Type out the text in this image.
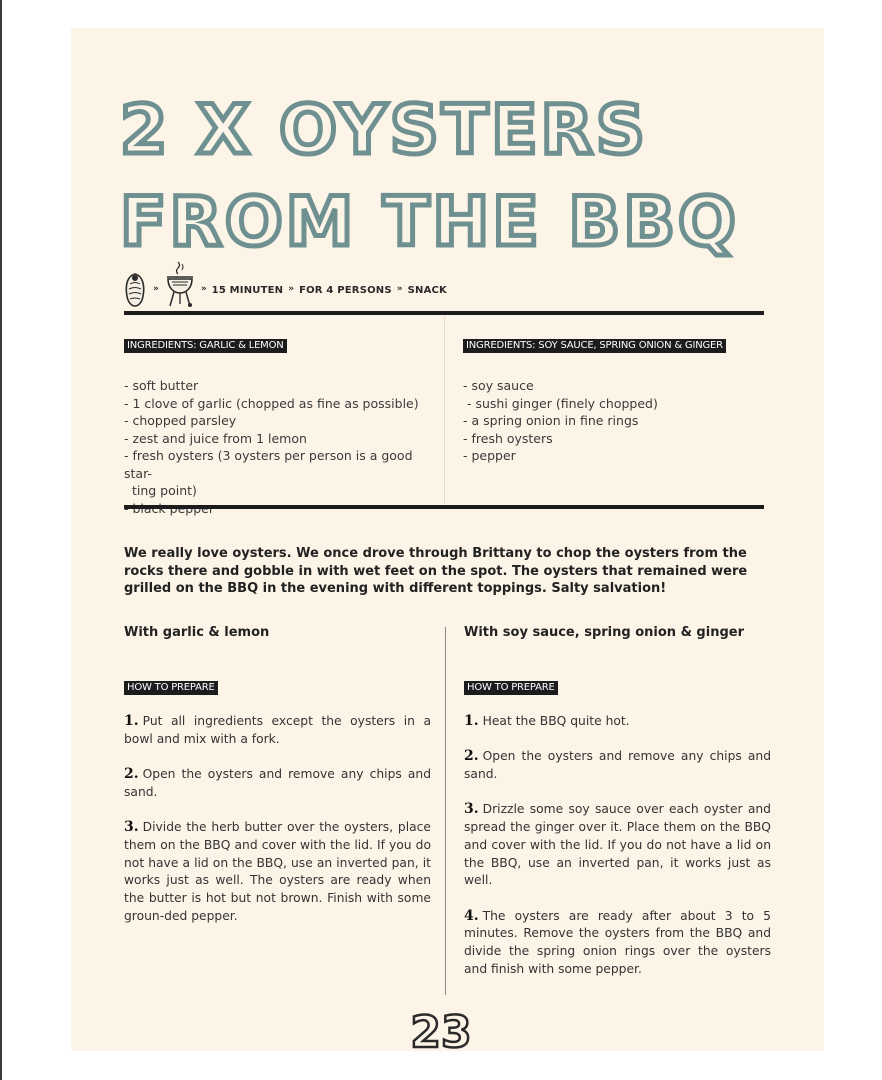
2 X OYSTERS
FROM THE BBQ
»	» 15 MINUTEN » FOR 4 PERSONS » SNACK
INGREDIENTS: GARLIC & LEMON
- soft butter
- 1 clove of garlic (chopped as fine as possible)
- chopped parsley
- zest and juice from 1 lemon
- fresh oysters (3 oysters per person is a good star-
ting point)
INGREDIENTS: SOY SAUCE, SPRING ONION & GINGER
- soy sauce
- sushi ginger (finely chopped)
- a spring onion in fine rings
- fresh oysters
- pepper

We really love oysters. We once drove through Brittany to chop the oysters from the rocks there and gobble in with wet feet on the spot. The oysters that remained were grilled on the BBQ in the evening with different toppings. Salty salvation!

With garlic & lemon
HOW TO PREPARE
1. Put all ingredients except the oysters in a bowl and mix with a fork.
2. Open the oysters and remove any chips and sand.
3. Divide the herb butter over the oysters, place them on the BBQ and cover with the lid. If you do not have a lid on the BBQ, use an inverted pan, it works just as well. The oysters are ready when the butter is hot but not brown. Finish with some groun-ded pepper.
With soy sauce, spring onion & ginger
HOW TO PREPARE
1. Heat the BBQ quite hot.
2. Open the oysters and remove any chips and sand.
3. Drizzle some soy sauce over each oyster and spread the ginger over it. Place them on the BBQ and cover with the lid. If you do not have a lid on the BBQ, use an inverted pan, it works just as well.
4. The oysters are ready after about 3 to 5 minutes. Remove the oysters from the BBQ and divide the spring onion rings over the oysters and finish with some pepper.
23
